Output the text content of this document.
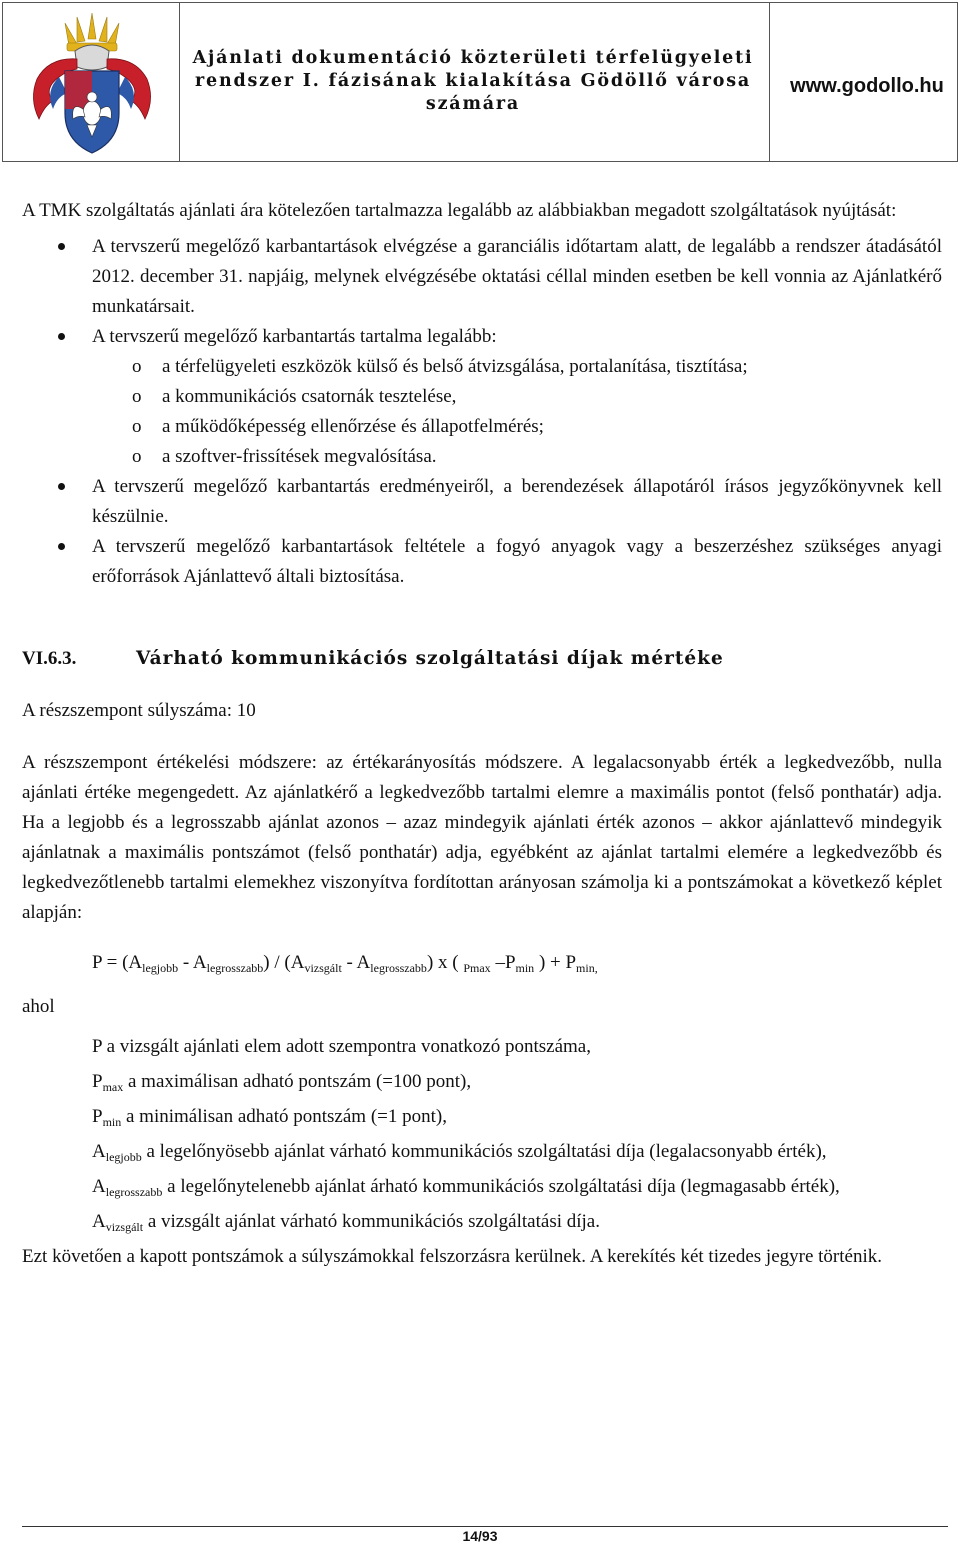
Ajánlati dokumentáció közterületi térfelügyeleti rendszer I. fázisának kialakítása Gödöllő városa számára
www.godollo.hu

A TMK szolgáltatás ajánlati ára kötelezően tartalmazza legalább az alábbiakban megadott szolgáltatások nyújtását:

A tervszerű megelőző karbantartások elvégzése a garanciális időtartam alatt, de legalább a rendszer átadásától 2012. december 31. napjáig, melynek elvégzésébe oktatási céllal minden esetben be kell vonnia az Ajánlatkérő munkatársait.
A tervszerű megelőző karbantartás tartalma legalább:
o a térfelügyeleti eszközök külső és belső átvizsgálása, portalanítása, tisztítása;
o a kommunikációs csatornák tesztelése,
o a működőképesség ellenőrzése és állapotfelmérés;
o a szoftver-frissítések megvalósítása.
A tervszerű megelőző karbantartás eredményeiről, a berendezések állapotáról írásos jegyzőkönyvnek kell készülnie.
A tervszerű megelőző karbantartások feltétele a fogyó anyagok vagy a beszerzéshez szükséges anyagi erőforrások Ajánlattevő általi biztosítása.
VI.6.3.	Várható kommunikációs szolgáltatási díjak mértéke

A részszempont súlyszáma: 10

A részszempont értékelési módszere: az értékarányosítás módszere. A legalacsonyabb érték a legkedvezőbb, nulla ajánlati értéke megengedett. Az ajánlatkérő a legkedvezőbb tartalmi elemre a maximális pontot (felső ponthatár) adja. Ha a legjobb és a legrosszabb ajánlat azonos – azaz mindegyik ajánlati érték azonos – akkor ajánlattevő mindegyik ajánlatnak a maximális pontszámot (felső ponthatár) adja, egyébként az ajánlat tartalmi elemére a legkedvezőbb és legkedvezőtlenebb tartalmi elemekhez viszonyítva fordítottan arányosan számolja ki a pontszámokat a következő képlet alapján:

$P = (A_{legjobb} - A_{legrosszabb}) / (A_{vizsgált} - A_{legrosszabb})$ x ( $_{Pmax}$ $-P_{min}$ ) + $P_{min,}$

ahol

P a vizsgált ajánlati elem adott szempontra vonatkozó pontszáma,

$P_{max}$ a maximálisan adható pontszám (=100 pont),

$P_{min}$ a minimálisan adható pontszám (=1 pont),

$A_{legjobb}$ a legelőnyösebb ajánlat várható kommunikációs szolgáltatási díja (legalacsonyabb érték),

$A_{legrosszabb}$ a legelőnytelenebb ajánlat árható kommunikációs szolgáltatási díja (legmagasabb érték),

$A_{vizsgált}$ a vizsgált ajánlat várható kommunikációs szolgáltatási díja.

Ezt követően a kapott pontszámok a súlyszámokkal felszorzásra kerülnek. A kerekítés két tizedes jegyre történik.

14/93
